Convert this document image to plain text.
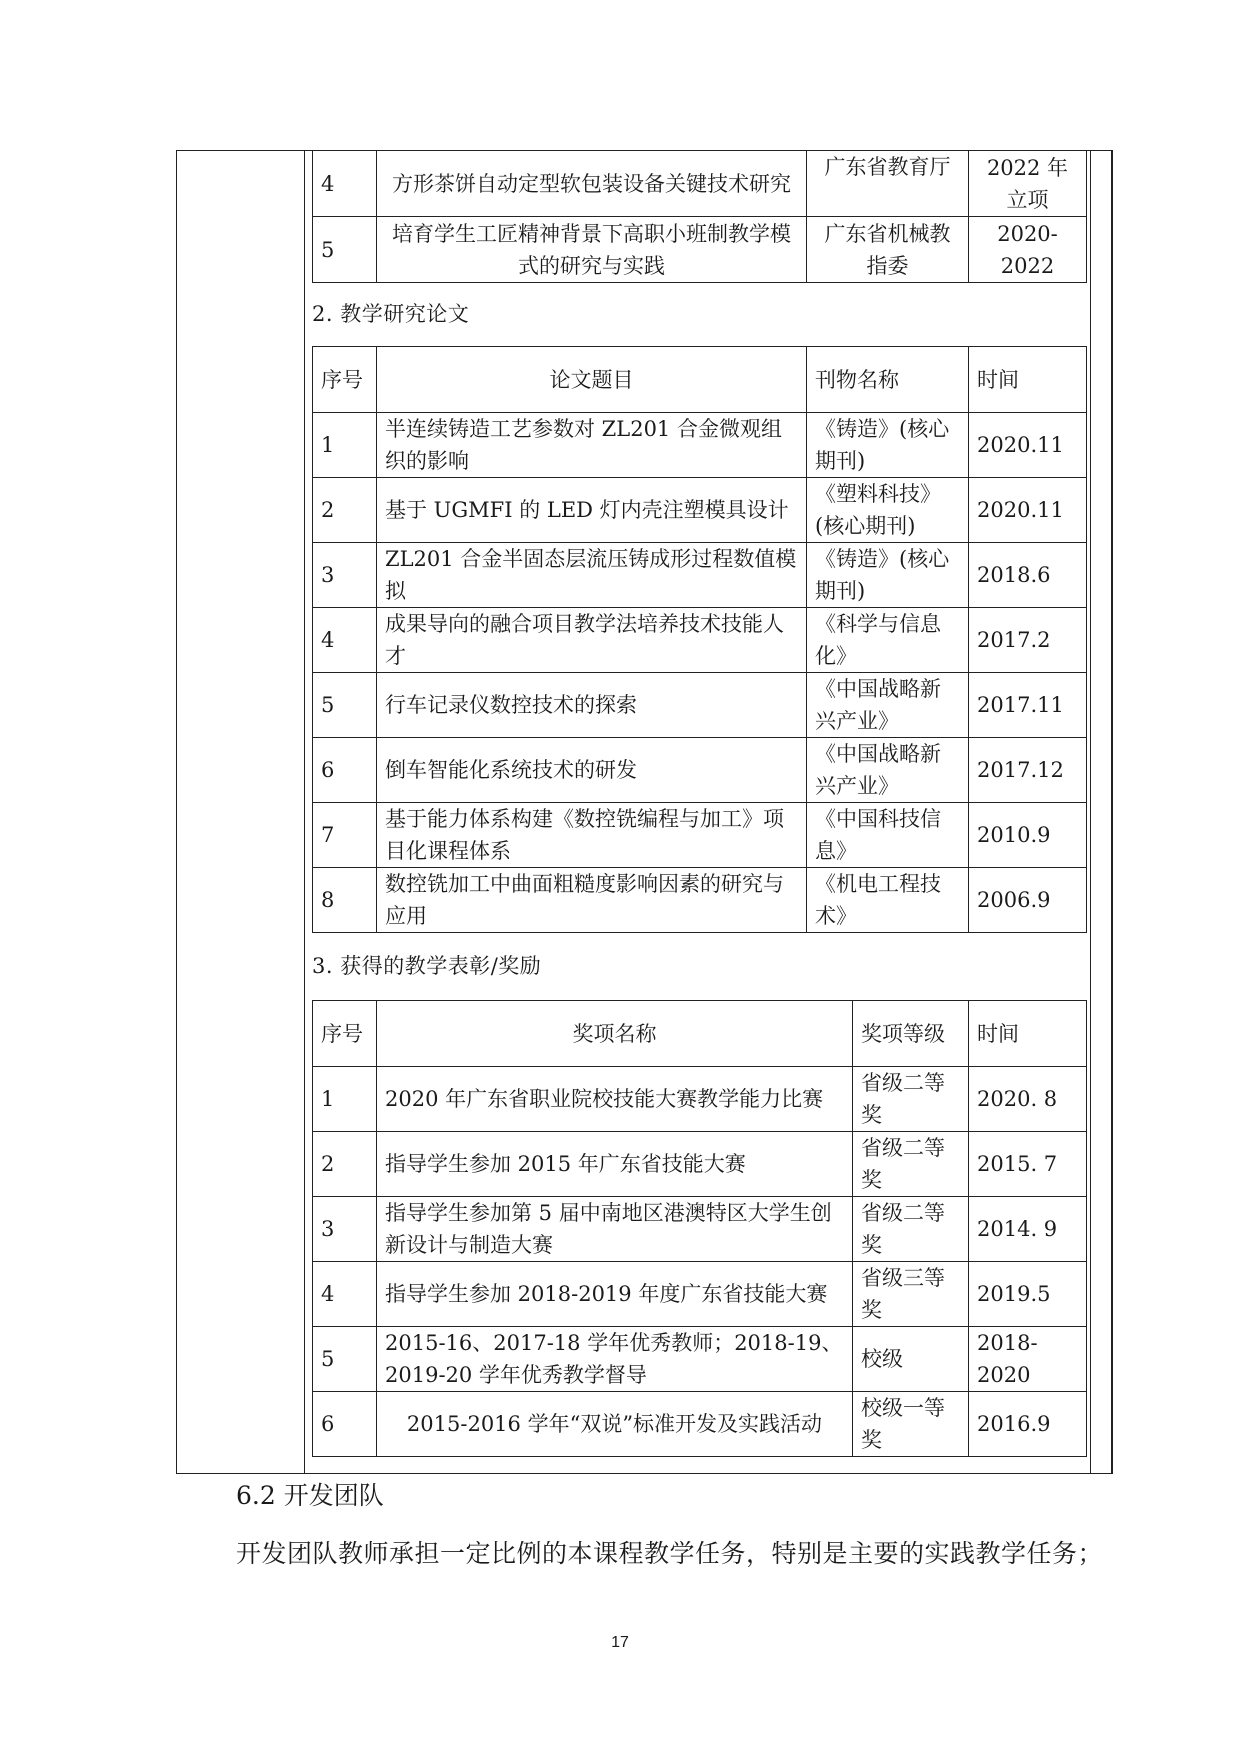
4	方形茶饼自动定型软包装设备关键技术研究	广东省教育厅	2022 年立项
5	培育学生工匠精神背景下高职小班制教学模式的研究与实践	广东省机械教指委	2020-2022
2. 教学研究论文
序号	论文题目	刊物名称	时间
1	半连续铸造工艺参数对 ZL201 合金微观组织的影响	《铸造》(核心期刊)	2020.11
2	基于 UGMFI 的 LED 灯内壳注塑模具设计	《塑料科技》(核心期刊)	2020.11
3	ZL201 合金半固态层流压铸成形过程数值模拟	《铸造》(核心期刊)	2018.6
4	成果导向的融合项目教学法培养技术技能人才	《科学与信息化》	2017.2
5	行车记录仪数控技术的探索	《中国战略新兴产业》	2017.11
6	倒车智能化系统技术的研发	《中国战略新兴产业》	2017.12
7	基于能力体系构建《数控铣编程与加工》项目化课程体系	《中国科技信息》	2010.9
8	数控铣加工中曲面粗糙度影响因素的研究与应用	《机电工程技术》	2006.9
3. 获得的教学表彰/奖励
序号	奖项名称	奖项等级	时间
1	2020 年广东省职业院校技能大赛教学能力比赛	省级二等奖	2020. 8
2	指导学生参加 2015 年广东省技能大赛	省级二等奖	2015. 7
3	指导学生参加第 5 届中南地区港澳特区大学生创新设计与制造大赛	省级二等奖	2014. 9
4	指导学生参加 2018-2019 年度广东省技能大赛	省级三等奖	2019.5
5	2015-16、2017-18 学年优秀教师；2018-19、2019-20 学年优秀教学督导	校级	2018-2020
6	2015-2016 学年“双说”标准开发及实践活动	校级一等奖	2016.9
6.2 开发团队
开发团队教师承担一定比例的本课程教学任务，特别是主要的实践教学任务；
17
